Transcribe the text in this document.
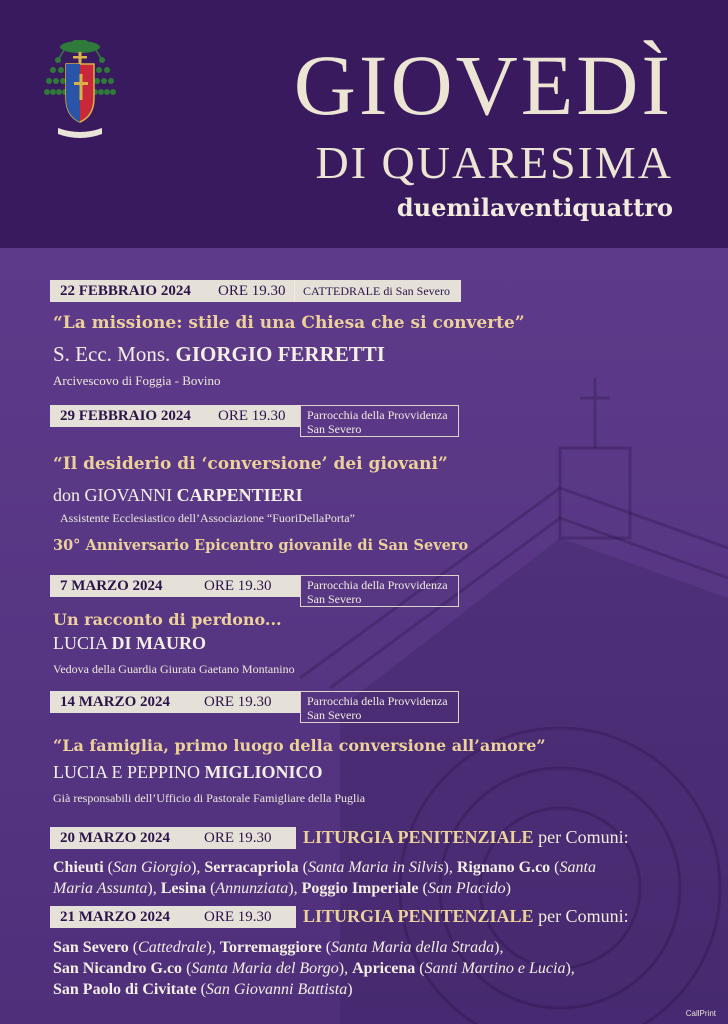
GIOVEDÌ
DI QUARESIMA
duemilaventiquattro
22 FEBBRAIO 2024 ORE 19.30	CATTEDRALE di San Severo
“La missione: stile di una Chiesa che si converte”
S. Ecc. Mons. GIORGIO FERRETTI
Arcivescovo di Foggia - Bovino
29 FEBBRAIO 2024 ORE 19.30 Parrocchia della Provvidenza
San Severo
“Il desiderio di ‘conversione’ dei giovani”
don GIOVANNI CARPENTIERI
Assistente Ecclesiastico dell’Associazione “FuoriDellaPorta”
30° Anniversario Epicentro giovanile di San Severo
7 MARZO 2024	ORE 19.30	Parrocchia della Provvidenza
San Severo
Un racconto di perdono...
LUCIA DI MAURO
Vedova della Guardia Giurata Gaetano Montanino
14 MARZO 2024 ORE 19.30	Parrocchia della Provvidenza
San Severo
“La famiglia, primo luogo della conversione all’amore”
LUCIA E PEPPINO MIGLIONICO
Già responsabili dell’Ufficio di Pastorale Famigliare della Puglia
20 MARZO 2024 ORE 19.30 LITURGIA PENITENZIALE per Comuni:
Chieuti (San Giorgio), Serracapriola (Santa Maria in Silvis), Rignano G.co (Santa
Maria Assunta), Lesina (Annunziata), Poggio Imperiale (San Placido)
21 MARZO 2024 ORE 19.30 LITURGIA PENITENZIALE per Comuni:
San Severo (Cattedrale), Torremaggiore (Santa Maria della Strada),
San Nicandro G.co (Santa Maria del Borgo), Apricena (Santi Martino e Lucia),
San Paolo di Civitate (San Giovanni Battista)
CallPrint
